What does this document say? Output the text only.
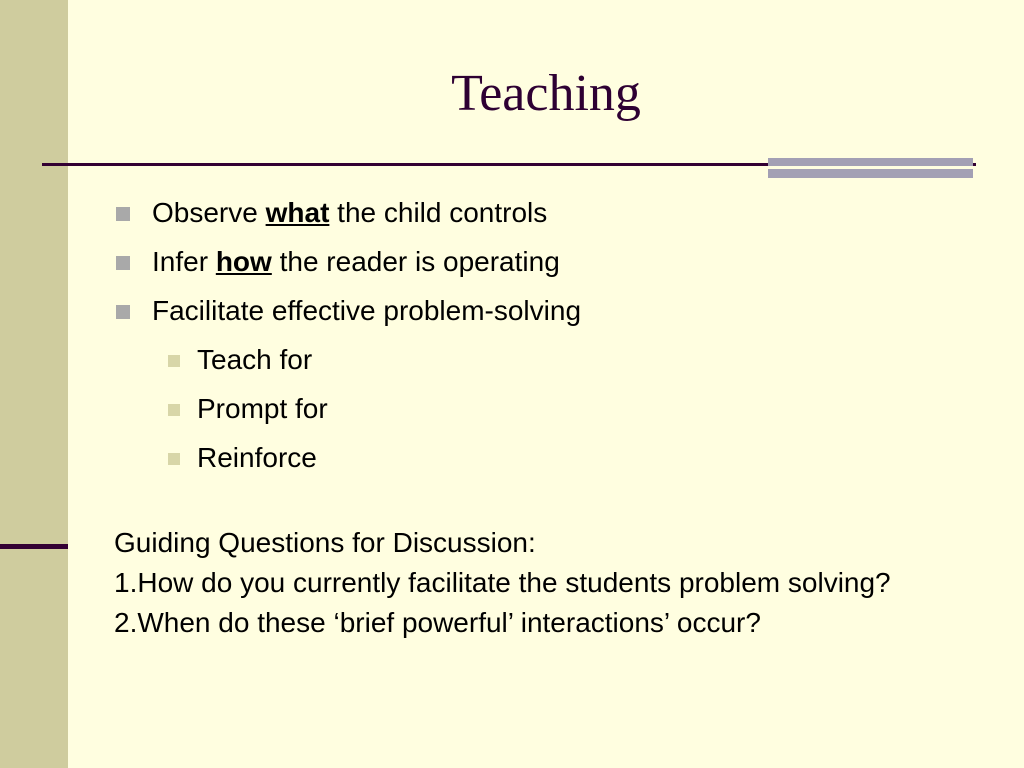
Teaching
Observe what the child controls
Infer how the reader is operating
Facilitate effective problem-solving
Teach for
Prompt for
Reinforce
Guiding Questions for Discussion:
1.How do you currently facilitate the students problem solving?
2.When do these ‘brief powerful’ interactions’ occur?
